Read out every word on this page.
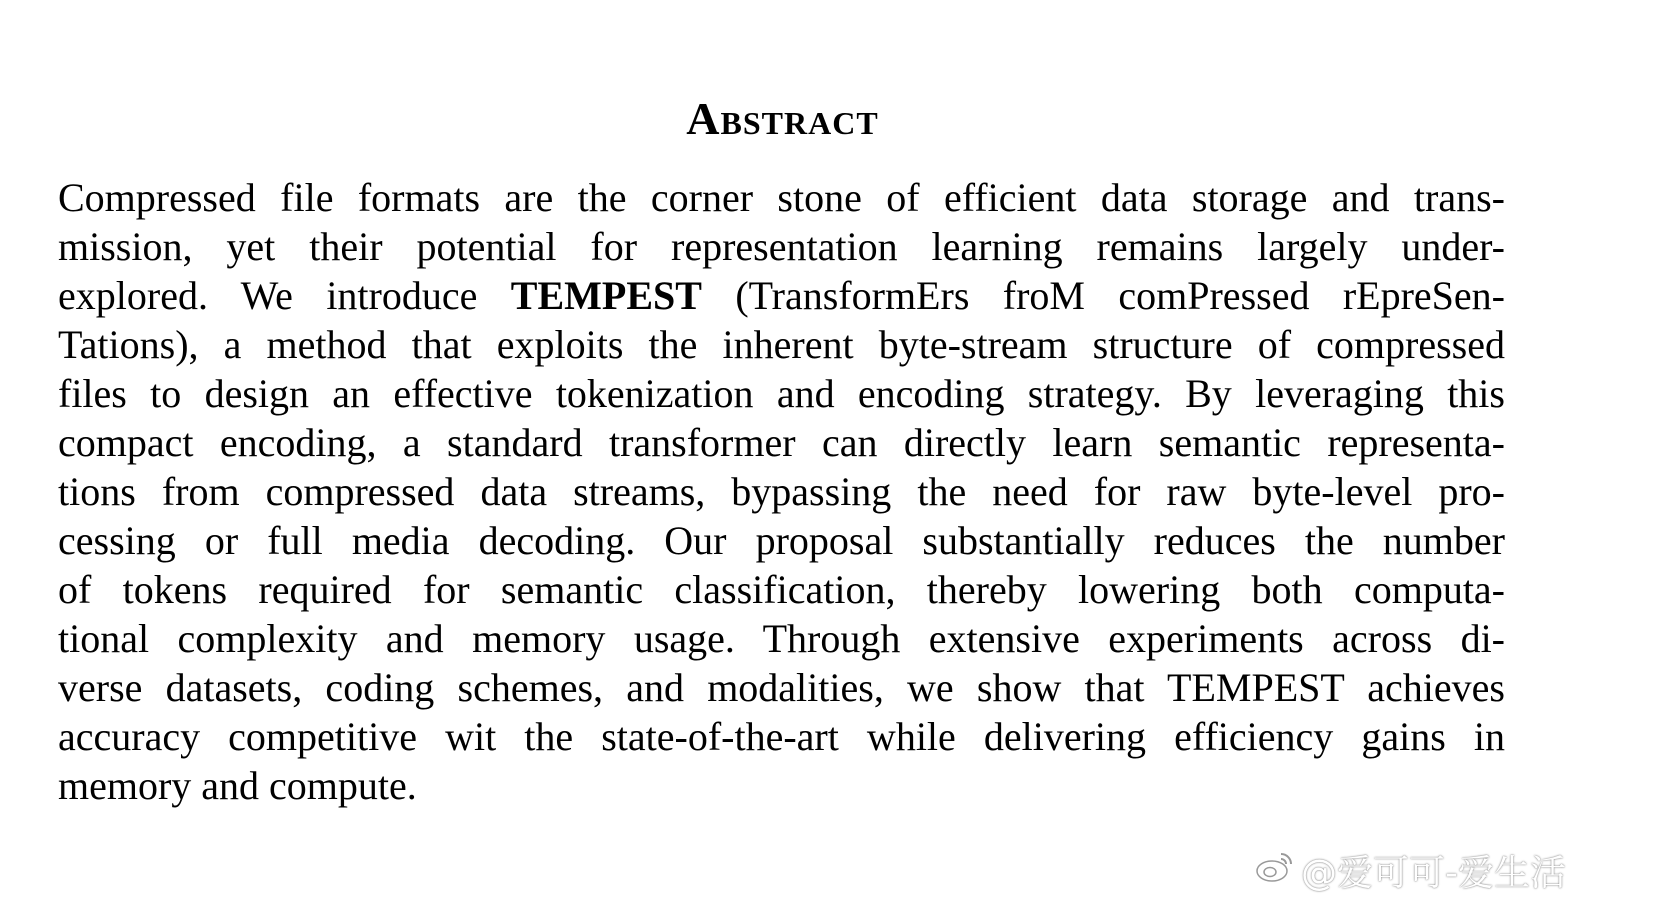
Abstract
Compressed file formats are the corner stone of efficient data storage and trans-
mission, yet their potential for representation learning remains largely under-
explored. We introduce TEMPEST (TransformErs froM comPressed rEpreSen-
Tations), a method that exploits the inherent byte-stream structure of compressed
files to design an effective tokenization and encoding strategy. By leveraging this
compact encoding, a standard transformer can directly learn semantic representa-
tions from compressed data streams, bypassing the need for raw byte-level pro-
cessing or full media decoding. Our proposal substantially reduces the number
of tokens required for semantic classification, thereby lowering both computa-
tional complexity and memory usage. Through extensive experiments across di-
verse datasets, coding schemes, and modalities, we show that TEMPEST achieves
accuracy competitive wit the state-of-the-art while delivering efficiency gains in
memory and compute.
@爱可可-爱生活
